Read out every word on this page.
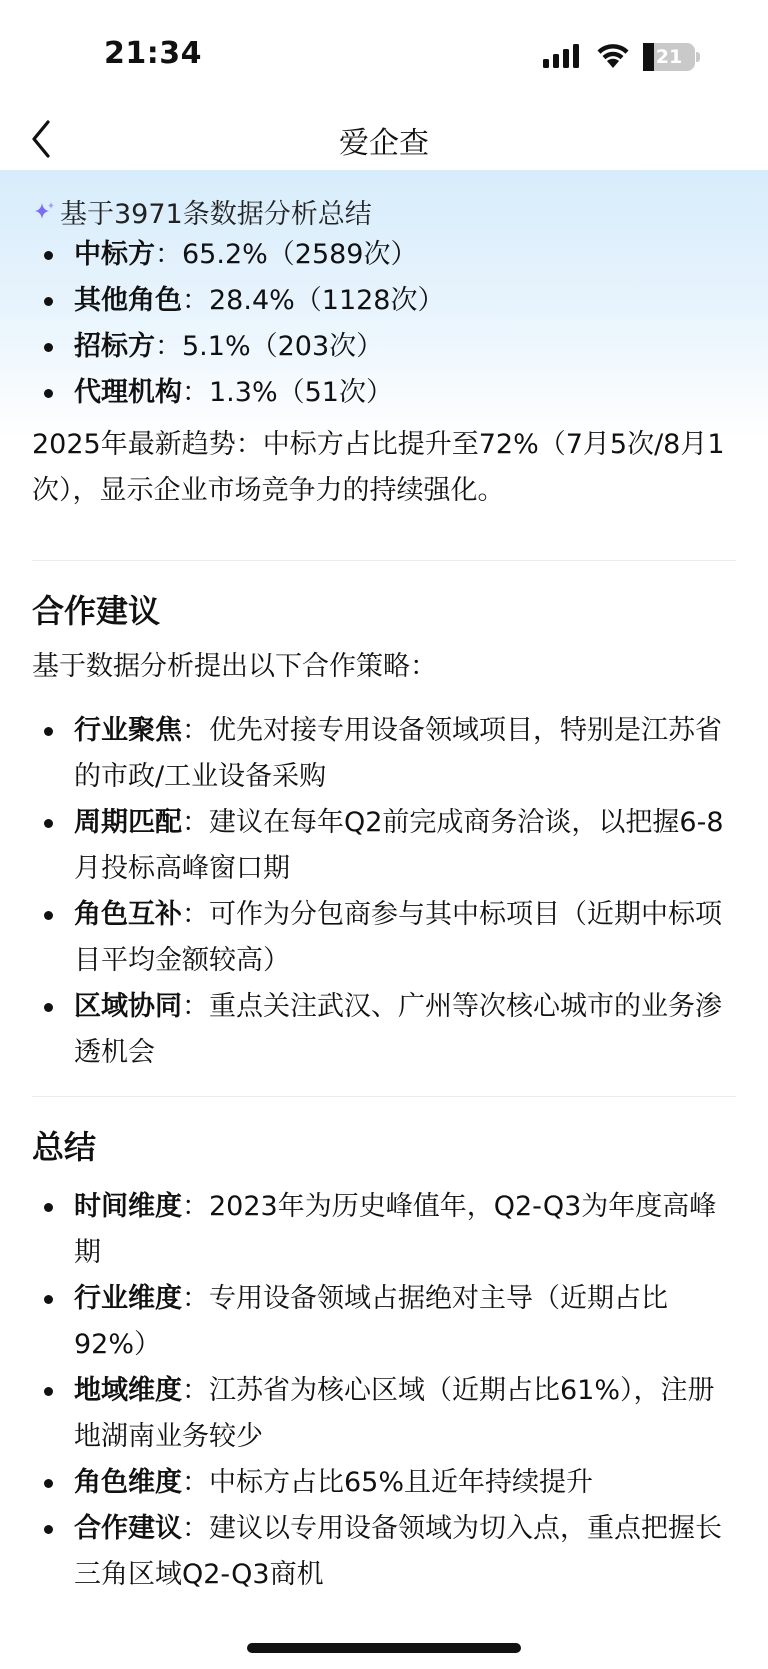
21:34	21
爱企查
基于3971条数据分析总结
中标方：65.2%（2589次）
其他角色：28.4%（1128次）
招标方：5.1%（203次）
代理机构：1.3%（51次）
2025年最新趋势：中标方占比提升至72%（7月5次/8月1次），显示企业市场竞争力的持续强化。
合作建议
基于数据分析提出以下合作策略：
行业聚焦：优先对接专用设备领域项目，特别是江苏省的市政/工业设备采购
周期匹配：建议在每年Q2前完成商务洽谈，以把握6-8月投标高峰窗口期
角色互补：可作为分包商参与其中标项目（近期中标项目平均金额较高）
区域协同：重点关注武汉、广州等次核心城市的业务渗透机会
总结
时间维度：2023年为历史峰值年，Q2-Q3为年度高峰期
行业维度：专用设备领域占据绝对主导（近期占比92%）
地域维度：江苏省为核心区域（近期占比61%），注册地湖南业务较少
角色维度：中标方占比65%且近年持续提升
合作建议：建议以专用设备领域为切入点，重点把握长三角区域Q2-Q3商机
